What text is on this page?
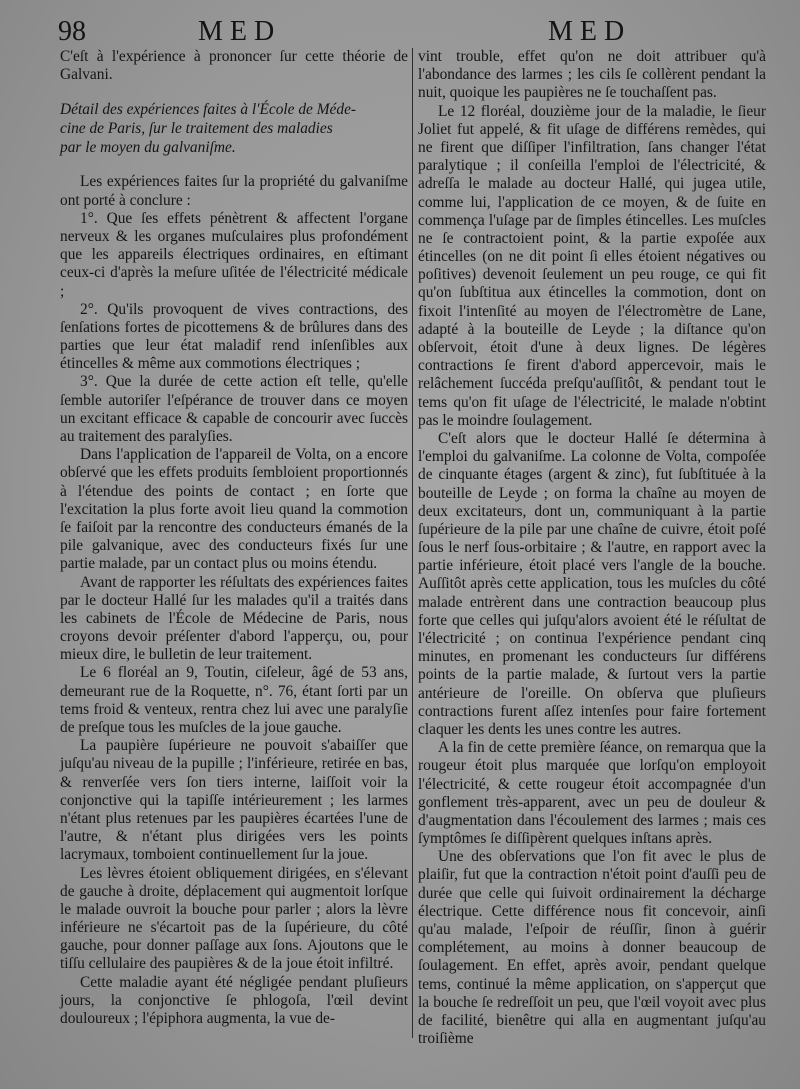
98	MED	MED

C'eſt à l'expérience à prononcer ſur cette théorie de Galvani.

Détail des expériences faites à l'École de Méde-
cine de Paris, ſur le traitement des maladies
par le moyen du galvaniſme.

Les expériences faites ſur la propriété du galvaniſme ont porté à conclure :

1°. Que ſes effets pénètrent & affectent l'organe nerveux & les organes muſculaires plus profondément que les appareils électriques ordinaires, en eſtimant ceux-ci d'après la meſure uſitée de l'électricité médicale ;

2°. Qu'ils provoquent de vives contractions, des ſenſations fortes de picottemens & de brûlures dans des parties que leur état maladif rend inſenſibles aux étincelles & même aux commotions électriques ;

3°. Que la durée de cette action eſt telle, qu'elle ſemble autoriſer l'eſpérance de trouver dans ce moyen un excitant efficace & capable de concourir avec ſuccès au traitement des paralyſies.

Dans l'application de l'appareil de Volta, on a encore obſervé que les effets produits ſembloient proportionnés à l'étendue des points de contact ; en ſorte que l'excitation la plus forte avoit lieu quand la commotion ſe faiſoit par la rencontre des conducteurs émanés de la pile galvanique, avec des conducteurs fixés ſur une partie malade, par un contact plus ou moins étendu.

Avant de rapporter les réſultats des expériences faites par le docteur Hallé ſur les malades qu'il a traités dans les cabinets de l'École de Médecine de Paris, nous croyons devoir préſenter d'abord l'apperçu, ou, pour mieux dire, le bulletin de leur traitement.

Le 6 floréal an 9, Toutin, ciſeleur, âgé de 53 ans, demeurant rue de la Roquette, n°. 76, étant ſorti par un tems froid & venteux, rentra chez lui avec une paralyſie de preſque tous les muſcles de la joue gauche.

La paupière ſupérieure ne pouvoit s'abaiſſer que juſqu'au niveau de la pupille ; l'inférieure, retirée en bas, & renverſée vers ſon tiers interne, laiſſoit voir la conjonctive qui la tapiſſe intérieurement ; les larmes n'étant plus retenues par les paupières écartées l'une de l'autre, & n'étant plus dirigées vers les points lacrymaux, tomboient continuellement ſur la joue.

Les lèvres étoient obliquement dirigées, en s'élevant de gauche à droite, déplacement qui augmentoit lorſque le malade ouvroit la bouche pour parler ; alors la lèvre inférieure ne s'écartoit pas de la ſupérieure, du côté gauche, pour donner paſſage aux ſons. Ajoutons que le tiſſu cellulaire des paupières & de la joue étoit infiltré.

Cette maladie ayant été négligée pendant pluſieurs jours, la conjonctive ſe phlogoſa, l'œil devint douloureux ; l'épiphora augmenta, la vue de-

vint trouble, effet qu'on ne doit attribuer qu'à l'abondance des larmes ; les cils ſe collèrent pendant la nuit, quoique les paupières ne ſe touchaſſent pas.

Le 12 floréal, douzième jour de la maladie, le ſieur Joliet fut appelé, & fit uſage de différens remèdes, qui ne firent que diſſiper l'infiltration, ſans changer l'état paralytique ; il conſeilla l'emploi de l'électricité, & adreſſa le malade au docteur Hallé, qui jugea utile, comme lui, l'application de ce moyen, & de ſuite en commença l'uſage par de ſimples étincelles. Les muſcles ne ſe contractoient point, & la partie expoſée aux étincelles (on ne dit point ſi elles étoient négatives ou poſitives) devenoit ſeulement un peu rouge, ce qui fit qu'on ſubſtitua aux étincelles la commotion, dont on fixoit l'intenſité au moyen de l'électromètre de Lane, adapté à la bouteille de Leyde ; la diſtance qu'on obſervoit, étoit d'une à deux lignes. De légères contractions ſe firent d'abord appercevoir, mais le relâchement ſuccéda preſqu'auſſitôt, & pendant tout le tems qu'on fit uſage de l'électricité, le malade n'obtint pas le moindre ſoulagement.

C'eſt alors que le docteur Hallé ſe détermina à l'emploi du galvaniſme. La colonne de Volta, compoſée de cinquante étages (argent & zinc), fut ſubſtituée à la bouteille de Leyde ; on forma la chaîne au moyen de deux excitateurs, dont un, communiquant à la partie ſupérieure de la pile par une chaîne de cuivre, étoit poſé ſous le nerf ſous-orbitaire ; & l'autre, en rapport avec la partie inférieure, étoit placé vers l'angle de la bouche. Auſſitôt après cette application, tous les muſcles du côté malade entrèrent dans une contraction beaucoup plus forte que celles qui juſqu'alors avoient été le réſultat de l'électricité ; on continua l'expérience pendant cinq minutes, en promenant les conducteurs ſur différens points de la partie malade, & ſurtout vers la partie antérieure de l'oreille. On obſerva que pluſieurs contractions furent aſſez intenſes pour faire fortement claquer les dents les unes contre les autres.

A la fin de cette première ſéance, on remarqua que la rougeur étoit plus marquée que lorſqu'on employoit l'électricité, & cette rougeur étoit accompagnée d'un gonflement très-apparent, avec un peu de douleur & d'augmentation dans l'écoulement des larmes ; mais ces ſymptômes ſe diſſipèrent quelques inſtans après.

Une des obſervations que l'on fit avec le plus de plaiſir, fut que la contraction n'étoit point d'auſſi peu de durée que celle qui ſuivoit ordinairement la décharge électrique. Cette différence nous fit concevoir, ainſi qu'au malade, l'eſpoir de réuſſir, ſinon à guérir complétement, au moins à donner beaucoup de ſoulagement. En effet, après avoir, pendant quelque tems, continué la même application, on s'apperçut que la bouche ſe redreſſoit un peu, que l'œil voyoit avec plus de facilité, bienêtre qui alla en augmentant juſqu'au troiſième
